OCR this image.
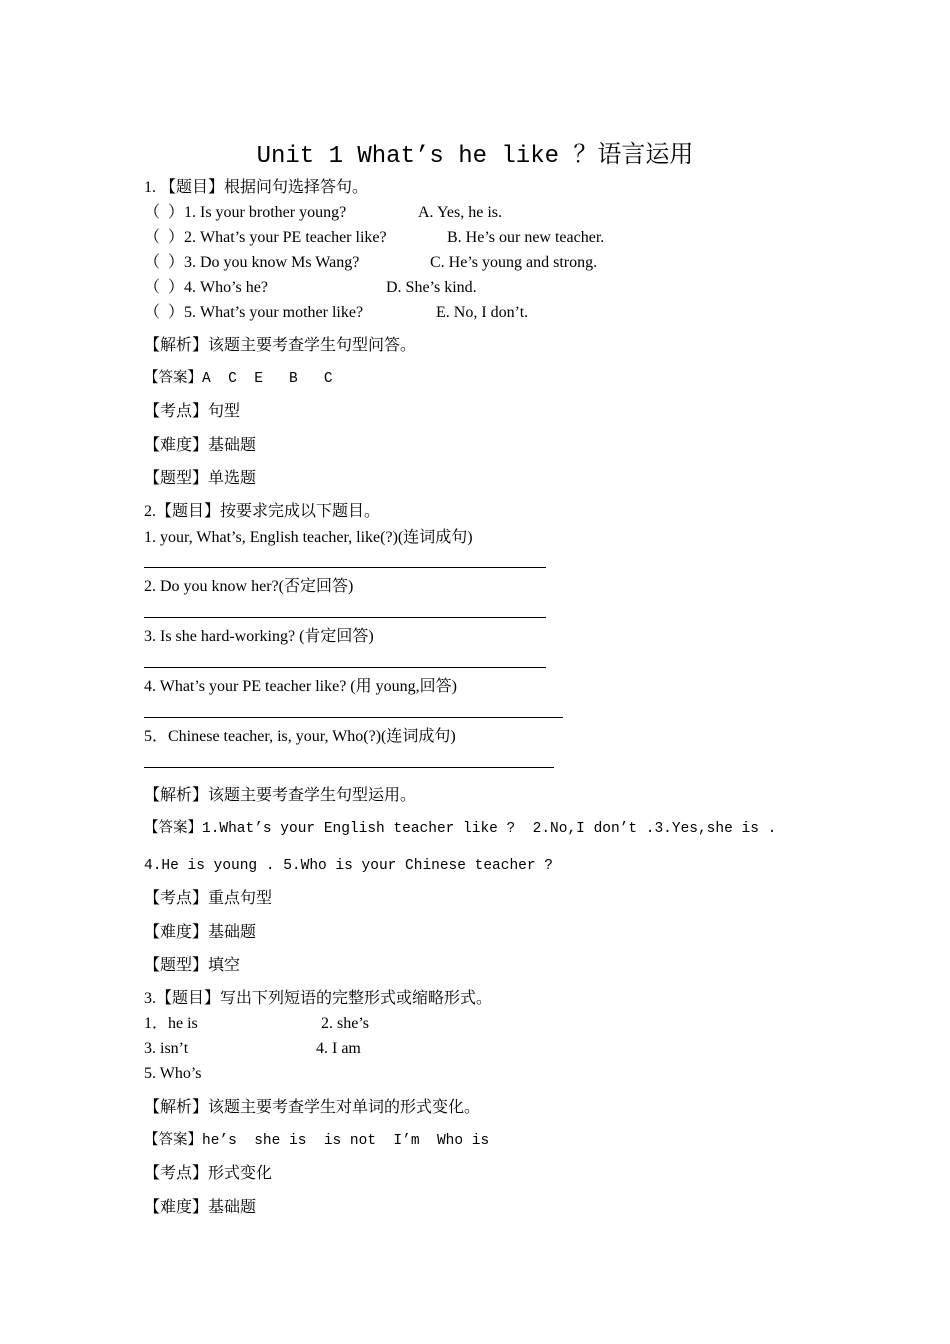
Unit 1 What’s he like ？语言运用
1. 【题目】根据问句选择答句。
（  ）1. Is your brother young?	A. Yes, he is.
（  ）2. What’s your PE teacher like?	B. He’s our new teacher.
（  ）3. Do you know Ms Wang?	C. He’s young and strong.
（  ）4. Who’s he?	D. She’s kind.
（  ）5. What’s your mother like?	E. No, I don’t.
【解析】该题主要考查学生句型问答。
【答案】A  C  E   B   C
【考点】句型
【难度】基础题
【题型】单选题
2.【题目】按要求完成以下题目。
1. your, What’s, English teacher, like(?)(连词成句)
2. Do you know her?(否定回答)
3. Is she hard-working? (肯定回答)
4. What’s your PE teacher like? (用 young,回答)
5．Chinese teacher, is, your, Who(?)(连词成句)
【解析】该题主要考查学生句型运用。
【答案】1.What’s your English teacher like ?  2.No,I don’t .3.Yes,she is .
4.He is young . 5.Who is your Chinese teacher ?
【考点】重点句型
【难度】基础题
【题型】填空
3.【题目】写出下列短语的完整形式或缩略形式。
1．he is	2. she’s
3. isn’t	4. I am
5. Who’s
【解析】该题主要考查学生对单词的形式变化。
【答案】he’s  she is  is not  I’m  Who is
【考点】形式变化
【难度】基础题
